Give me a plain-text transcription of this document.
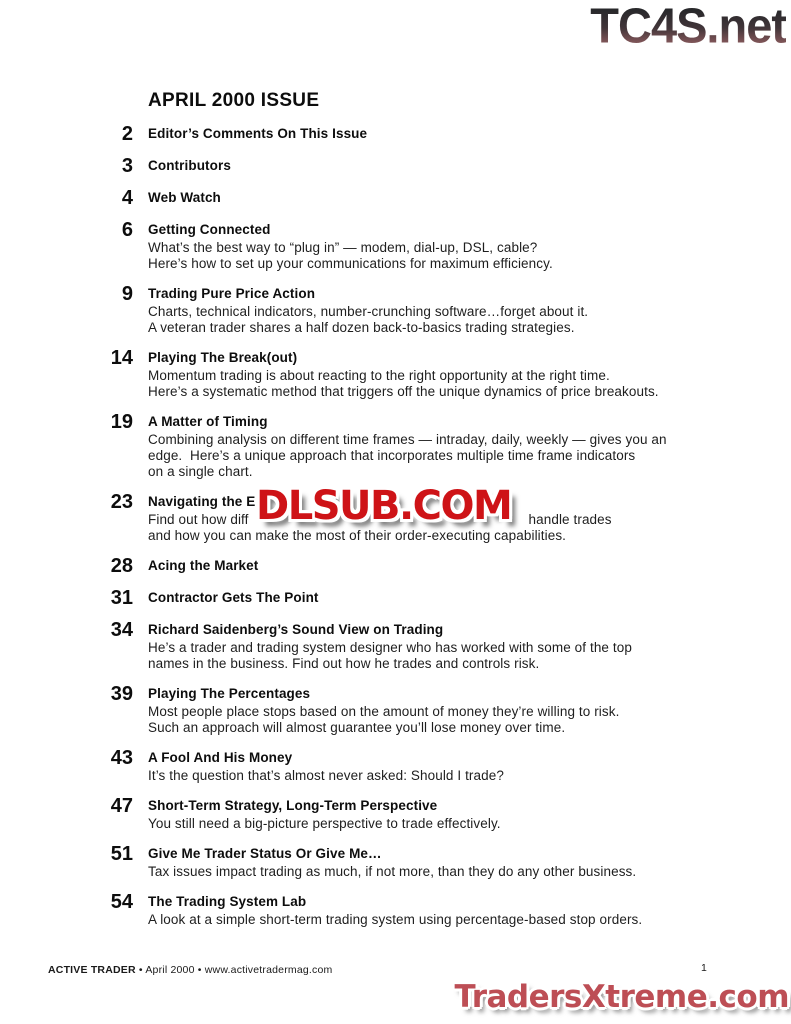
TC4S.net
APRIL 2000 ISSUE
2	Editor’s Comments On This Issue
3	Contributors
4	Web Watch
6	Getting Connected
What’s the best way to “plug in” — modem, dial-up, DSL, cable?
Here’s how to set up your communications for maximum efficiency.
9	Trading Pure Price Action
Charts, technical indicators, number-crunching software…forget about it.
A veteran trader shares a half dozen back-to-basics trading strategies.
14	Playing The Break(out)
Momentum trading is about reacting to the right opportunity at the right time.
Here’s a systematic method that triggers off the unique dynamics of price breakouts.
19	A Matter of Timing
Combining analysis on different time frames — intraday, daily, weekly — gives you an
edge.  Here’s a unique approach that incorporates multiple time frame indicators
on a single chart.
23	Navigating the E
Find out how diff	handle trades
and how you can make the most of their order-executing capabilities.
28	Acing the Market
31	Contractor Gets The Point
34	Richard Saidenberg’s Sound View on Trading
He’s a trader and trading system designer who has worked with some of the top
names in the business. Find out how he trades and controls risk.
39	Playing The Percentages
Most people place stops based on the amount of money they’re willing to risk.
Such an approach will almost guarantee you’ll lose money over time.
43	A Fool And His Money
It’s the question that’s almost never asked: Should I trade?
47	Short-Term Strategy, Long-Term Perspective
You still need a big-picture perspective to trade effectively.
51	Give Me Trader Status Or Give Me…
Tax issues impact trading as much, if not more, than they do any other business.
54	The Trading System Lab
A look at a simple short-term trading system using percentage-based stop orders.
DLSUB.COM
ACTIVE TRADER • April 2000 • www.activetradermag.com	1
TradersXtreme.com
